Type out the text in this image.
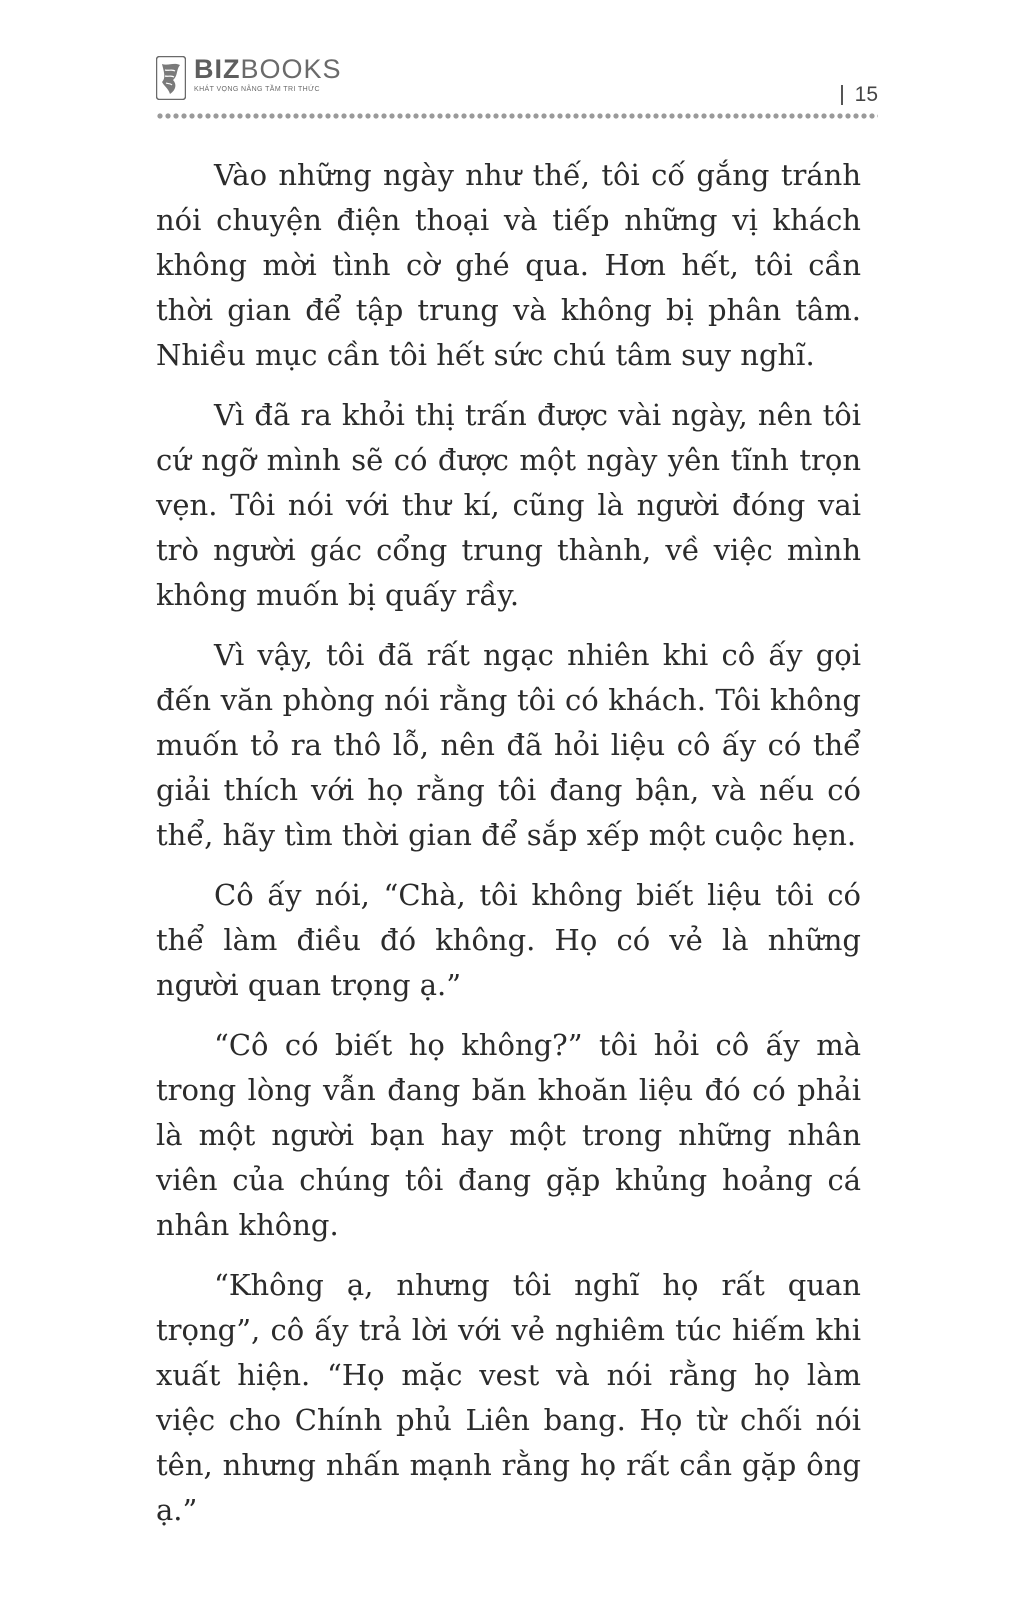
BIZBOOKS
KHÁT VỌNG NÂNG TẦM TRI THỨC	15

Vào những ngày như thế, tôi cố gắng tránh nói chuyện điện thoại và tiếp những vị khách không mời tình cờ ghé qua. Hơn hết, tôi cần thời gian để tập trung và không bị phân tâm. Nhiều mục cần tôi hết sức chú tâm suy nghĩ.

Vì đã ra khỏi thị trấn được vài ngày, nên tôi cứ ngỡ mình sẽ có được một ngày yên tĩnh trọn vẹn. Tôi nói với thư kí, cũng là người đóng vai trò người gác cổng trung thành, về việc mình không muốn bị quấy rầy.

Vì vậy, tôi đã rất ngạc nhiên khi cô ấy gọi đến văn phòng nói rằng tôi có khách. Tôi không muốn tỏ ra thô lỗ, nên đã hỏi liệu cô ấy có thể giải thích với họ rằng tôi đang bận, và nếu có thể, hãy tìm thời gian để sắp xếp một cuộc hẹn.

Cô ấy nói, “Chà, tôi không biết liệu tôi có thể làm điều đó không. Họ có vẻ là những người quan trọng ạ.”

“Cô có biết họ không?” tôi hỏi cô ấy mà trong lòng vẫn đang băn khoăn liệu đó có phải là một người bạn hay một trong những nhân viên của chúng tôi đang gặp khủng hoảng cá nhân không.

“Không ạ, nhưng tôi nghĩ họ rất quan trọng”, cô ấy trả lời với vẻ nghiêm túc hiếm khi xuất hiện. “Họ mặc vest và nói rằng họ làm việc cho Chính phủ Liên bang. Họ từ chối nói tên, nhưng nhấn mạnh rằng họ rất cần gặp ông ạ.”
